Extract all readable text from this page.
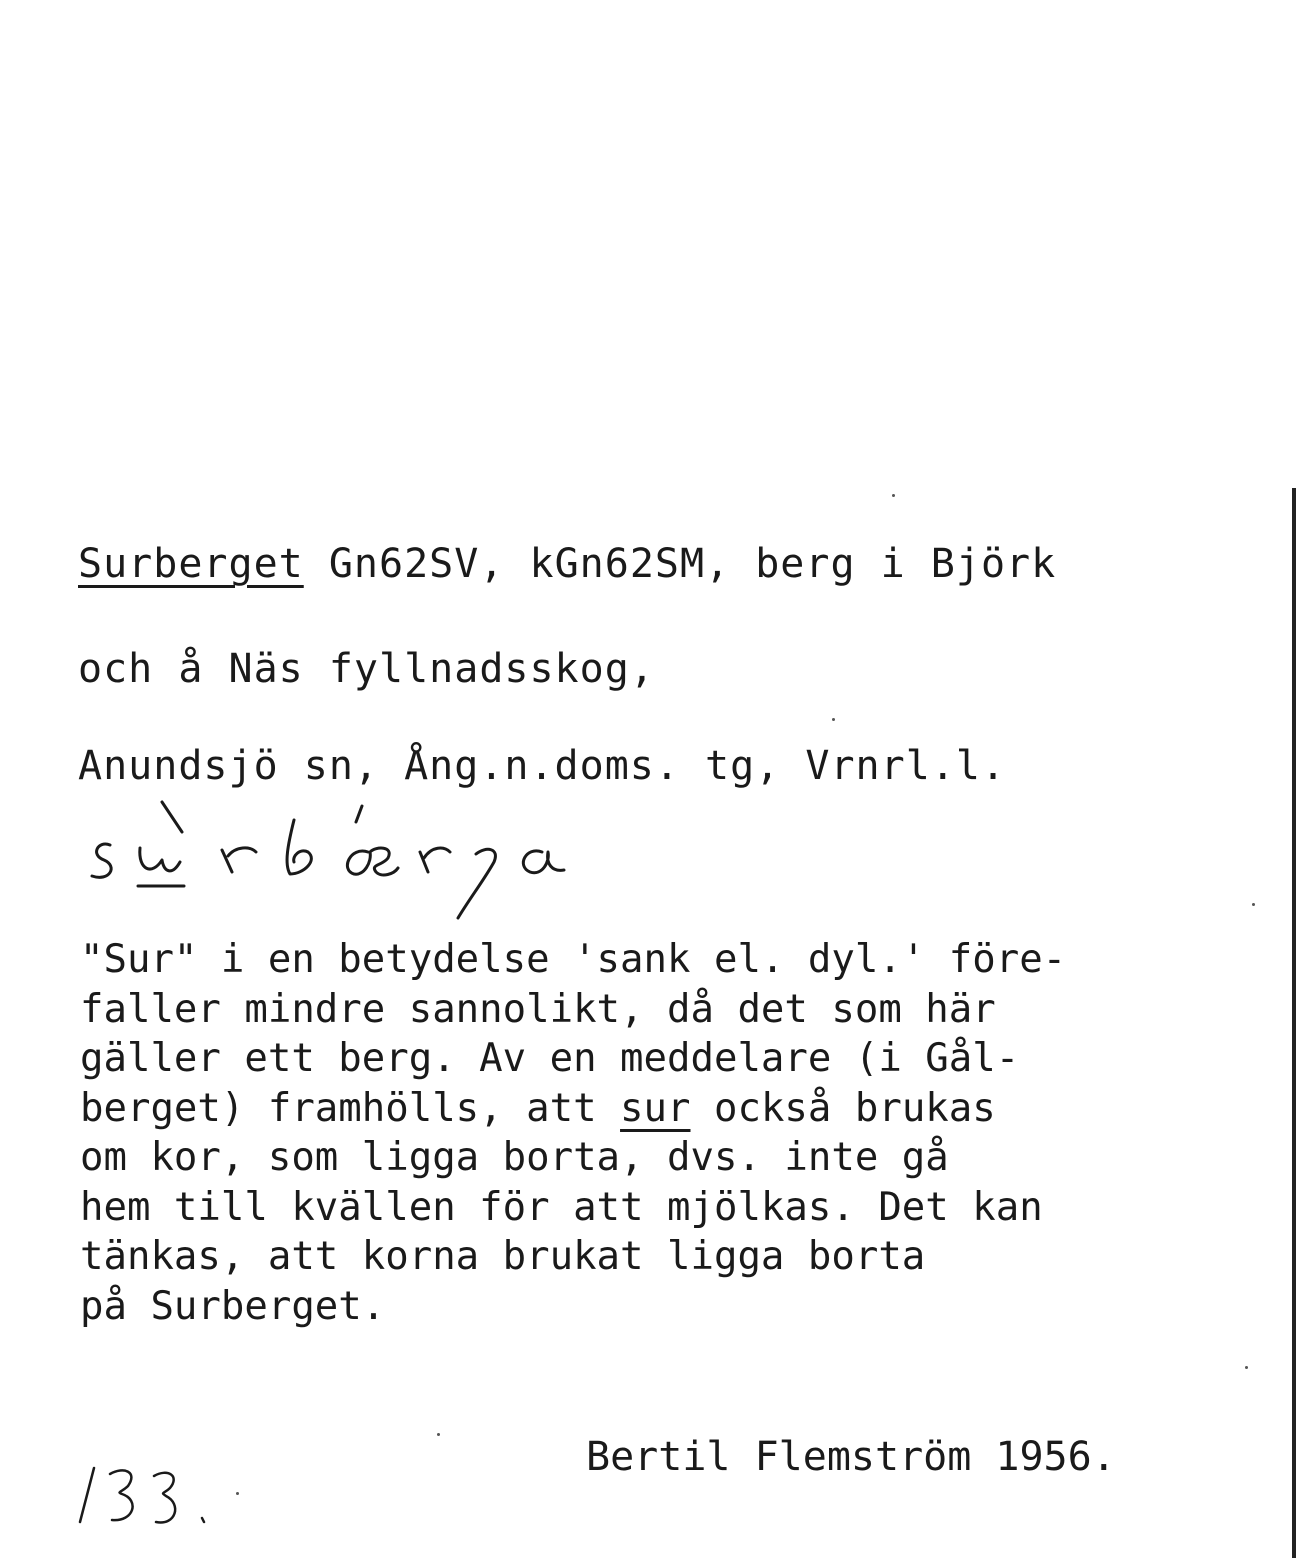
Surberget Gn62SV, kGn62SM, berg i Björk
och å Näs fyllnadsskog,
Anundsjö sn, Ång.n.doms. tg, Vrnrl.l.
"Sur" i en betydelse 'sank el. dyl.' före-
faller mindre sannolikt, då det som här
gäller ett berg. Av en meddelare (i Gål-
berget) framhölls, att sur också brukas
om kor, som ligga borta, dvs. inte gå
hem till kvällen för att mjölkas. Det kan
tänkas, att korna brukat ligga borta
på Surberget.
Bertil Flemström 1956.
